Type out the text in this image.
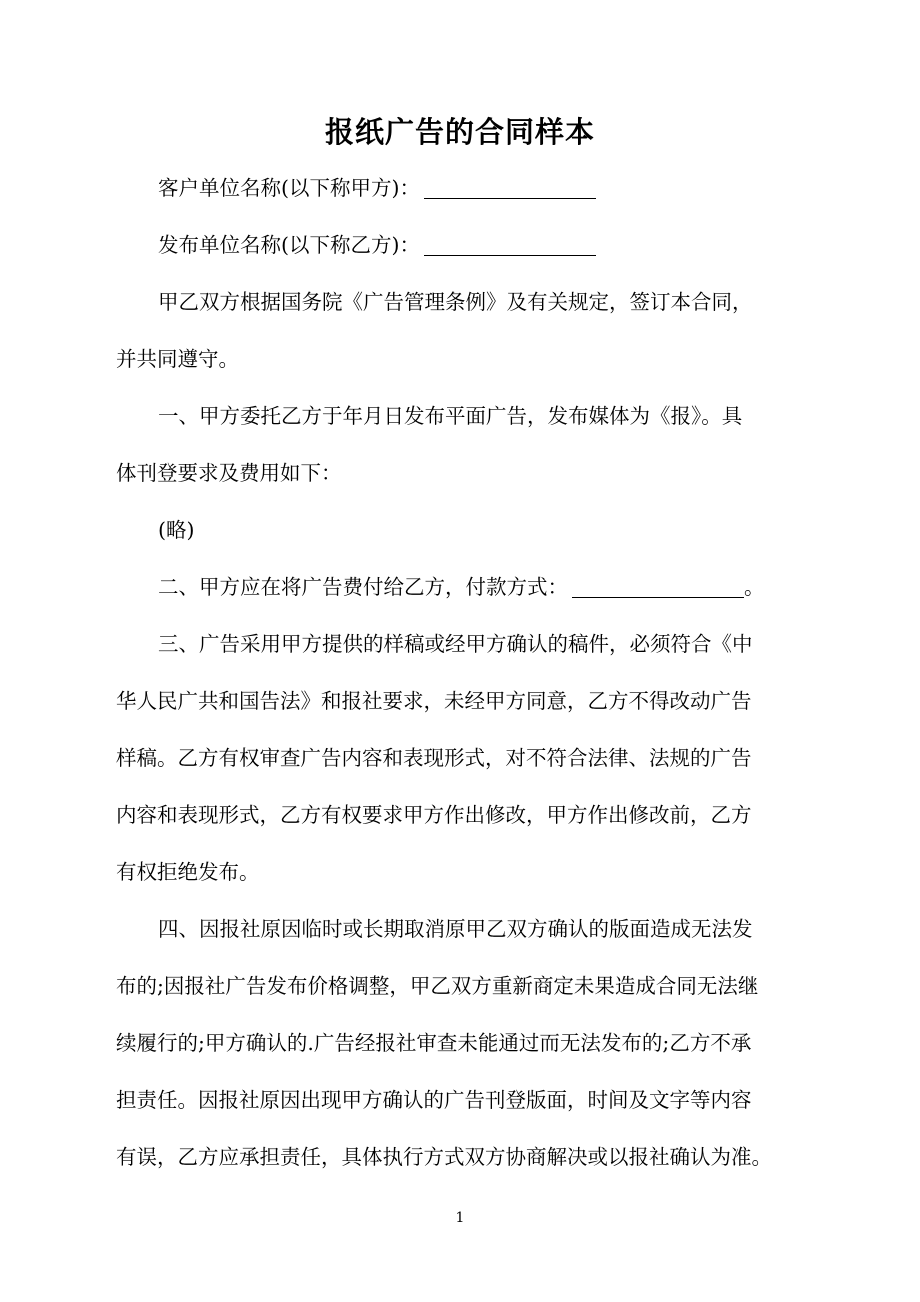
报纸广告的合同样本

客户单位名称(以下称甲方)：

发布单位名称(以下称乙方)：

甲乙双方根据国务院《广告管理条例》及有关规定，签订本合同，
并共同遵守。

一、甲方委托乙方于年月日发布平面广告，发布媒体为《报》。具
体刊登要求及费用如下：

(略)

二、甲方应在将广告费付给乙方，付款方式：	。

三、广告采用甲方提供的样稿或经甲方确认的稿件，必须符合《中
华人民广共和国告法》和报社要求，未经甲方同意，乙方不得改动广告
样稿。乙方有权审查广告内容和表现形式，对不符合法律、法规的广告
内容和表现形式，乙方有权要求甲方作出修改，甲方作出修改前，乙方
有权拒绝发布。

四、因报社原因临时或长期取消原甲乙双方确认的版面造成无法发
布的;因报社广告发布价格调整，甲乙双方重新商定未果造成合同无法继
续履行的;甲方确认的.广告经报社审查未能通过而无法发布的;乙方不承
担责任。因报社原因出现甲方确认的广告刊登版面，时间及文字等内容
有误，乙方应承担责任，具体执行方式双方协商解决或以报社确认为准。

1
